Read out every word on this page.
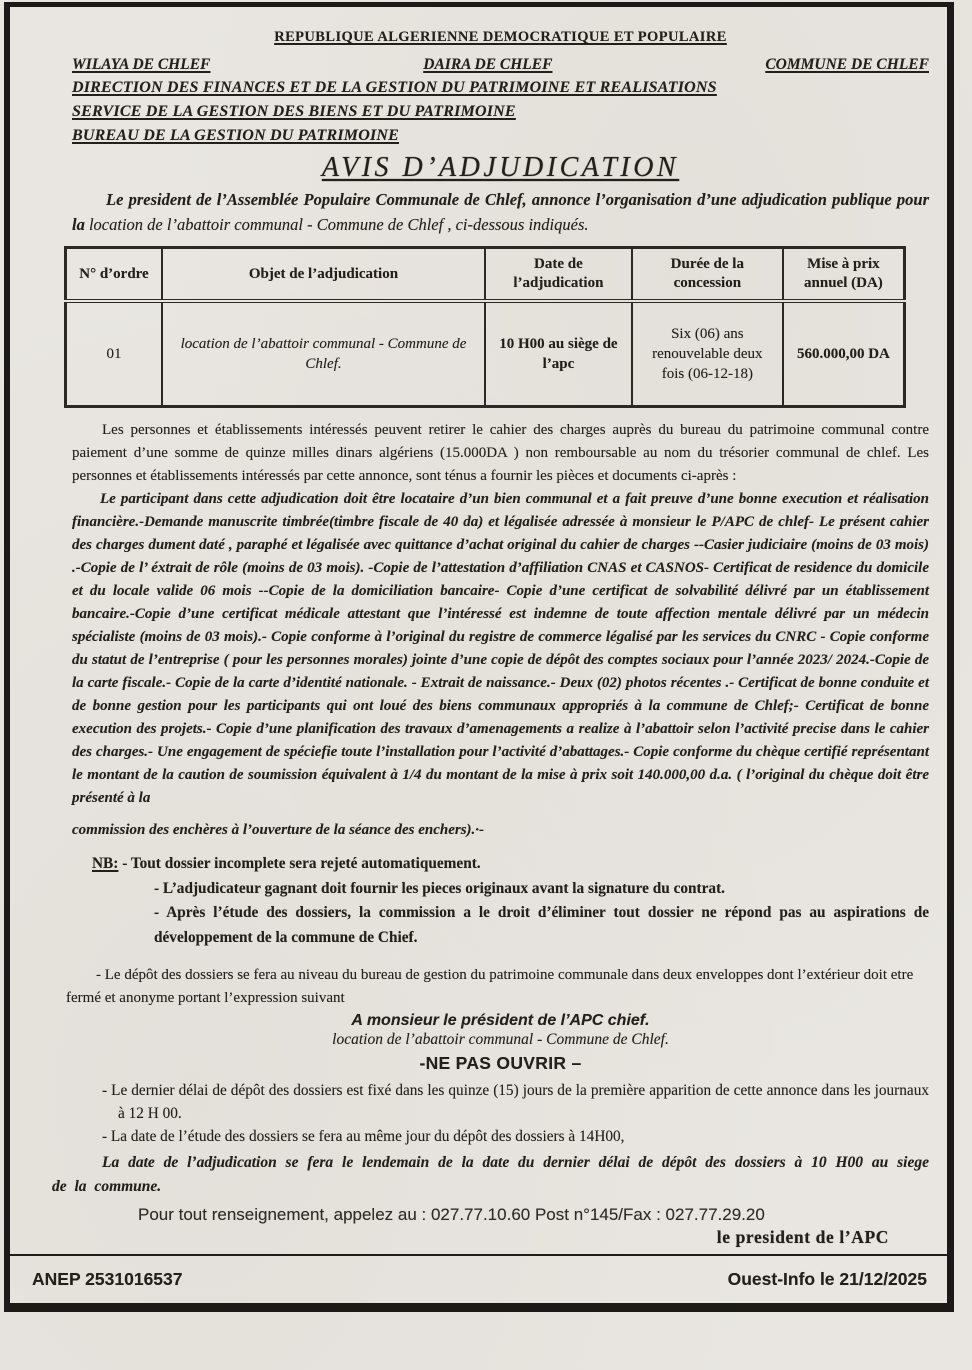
REPUBLIQUE ALGERIENNE DEMOCRATIQUE ET POPULAIRE
WILAYA DE CHLEF	DAIRA DE CHLEF	COMMUNE DE CHLEF
DIRECTION DES FINANCES ET DE LA GESTION DU PATRIMOINE ET REALISATIONS
SERVICE DE LA GESTION DES BIENS ET DU PATRIMOINE
BUREAU DE LA GESTION DU PATRIMOINE
AVIS D’ADJUDICATION

Le president de l’Assemblée Populaire Communale de Chlef, annonce l’organisation d’une adjudication publique pour la location de l’abattoir communal - Commune de Chlef , ci-dessous indiqués.

N° d’ordre	Objet de l’adjudication	Date de l’adjudication	Durée de la concession	Mise à prix annuel (DA)
01	location de l’abattoir communal - Commune de Chlef.	10 H00 au siège de l’apc	Six (06) ans renouvelable deux fois (06-12-18)	560.000,00 DA

Les personnes et établissements intéressés peuvent retirer le cahier des charges auprès du bureau du patrimoine communal contre paiement d’une somme de quinze milles dinars algériens (15.000DA ) non remboursable au nom du trésorier communal de chlef. Les personnes et établissements intéressés par cette annonce, sont ténus a fournir les pièces et documents ci-après :

Le participant dans cette adjudication doit être locataire d’un bien communal et a fait preuve d’une bonne execution et réalisation financière.-Demande manuscrite timbrée(timbre fiscale de 40 da) et légalisée adressée à monsieur le P/APC de chlef- Le présent cahier des charges dument daté , paraphé et légalisée avec quittance d’achat original du cahier de charges --Casier judiciaire (moins de 03 mois) .-Copie de l’ éxtrait de rôle (moins de 03 mois). -Copie de l’attestation d’affiliation CNAS et CASNOS- Certificat de residence du domicile et du locale valide 06 mois --Copie de la domiciliation bancaire- Copie d’une certificat de solvabilité délivré par un établissement bancaire.-Copie d’une certificat médicale attestant que l’intéressé est indemne de toute affection mentale délivré par un médecin spécialiste (moins de 03 mois).- Copie conforme à l’original du registre de commerce légalisé par les services du CNRC - Copie conforme du statut de l’entreprise ( pour les personnes morales) jointe d’une copie de dépôt des comptes sociaux pour l’année 2023/ 2024.-Copie de la carte fiscale.- Copie de la carte d’identité nationale. - Extrait de naissance.- Deux (02) photos récentes .- Certificat de bonne conduite et de bonne gestion pour les participants qui ont loué des biens communaux appropriés à la commune de Chlef;- Certificat de bonne execution des projets.- Copie d’une planification des travaux d’amenagements a realize à l’abattoir selon l’activité precise dans le cahier des charges.- Une engagement de spéciefie toute l’installation pour l’activité d’abattages.- Copie conforme du chèque certifié représentant le montant de la caution de soumission équivalent à 1/4 du montant de la mise à prix soit 140.000,00 d.a. ( l’original du chèque doit être présenté à la

commission des enchères à l’ouverture de la séance des enchers).·-

NB: - Tout dossier incomplete sera rejeté automatiquement.
- L’adjudicateur gagnant doit fournir les pieces originaux avant la signature du contrat.
- Après l’étude des dossiers, la commission a le droit d’éliminer tout dossier ne répond pas au aspirations de développement de la commune de Chief.

- Le dépôt des dossiers se fera au niveau du bureau de gestion du patrimoine communale dans deux enveloppes dont l’extérieur doit etre fermé et anonyme portant l’expression suivant

A monsieur le président de l’APC chief.
location de l’abattoir communal - Commune de Chlef.
-NE PAS OUVRIR –

- Le dernier délai de dépôt des dossiers est fixé dans les quinze (15) jours de la première apparition de cette annonce dans les journaux à 12 H 00.

- La date de l’étude des dossiers se fera au même jour du dépôt des dossiers à 14H00,

La date de l’adjudication se fera le lendemain de la date du dernier délai de dépôt des dossiers à 10 H00 au siege de la commune.

Pour tout renseignement, appelez au : 027.77.10.60 Post n°145/Fax : 027.77.29.20
le president de l’APC
ANEP 2531016537	Ouest-Info le 21/12/2025
